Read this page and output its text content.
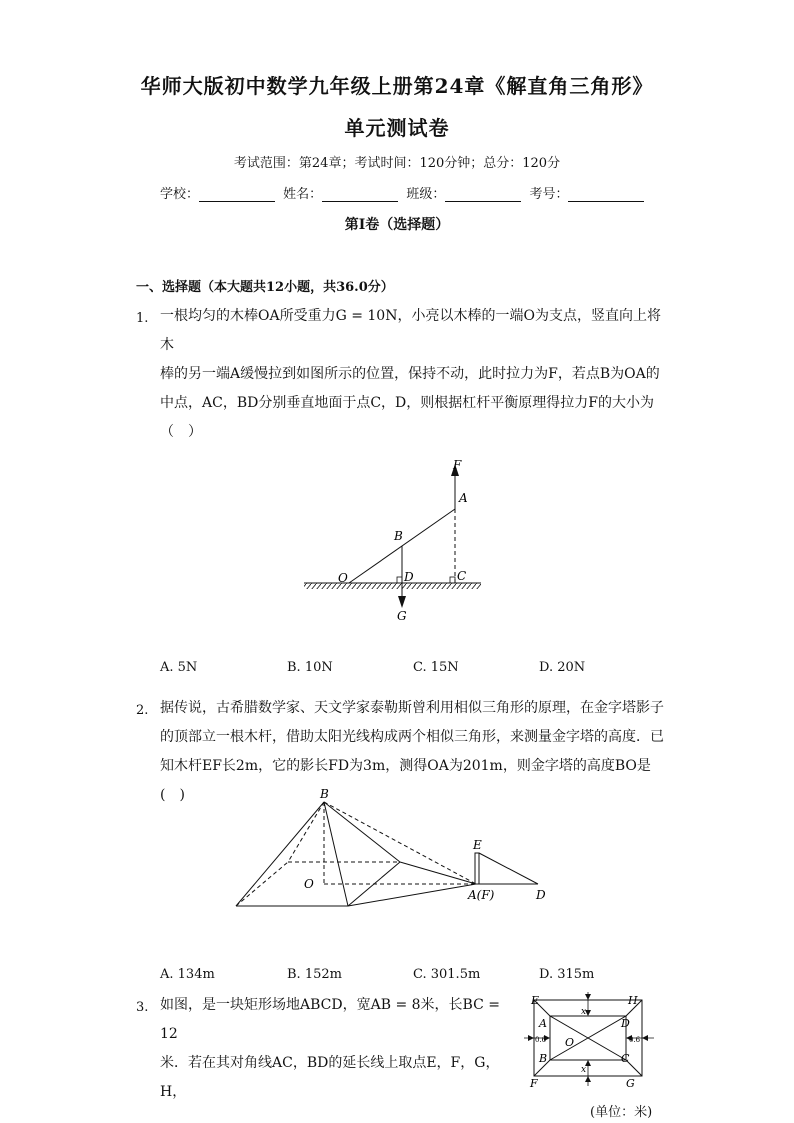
华师大版初中数学九年级上册第24章《解直角三角形》
单元测试卷
考试范围：第24章；考试时间：120分钟；总分：120分
学校：	姓名：	班级：	考号：
第I卷（选择题）
一、选择题（本大题共12小题，共36.0分）
1. 一根均匀的木棒OA所受重力G = 10N，小亮以木棒的一端O为支点，竖直向上将木
棒的另一端A缓慢拉到如图所示的位置，保持不动，此时拉力为F，若点B为OA的
中点，AC，BD分别垂直地面于点C，D，则根据杠杆平衡原理得拉力F的大小为
（　）
F
A
B
O	D	C
G
A. 5N	B. 10N	C. 15N	D. 20N
2. 据传说，古希腊数学家、天文学家泰勒斯曾利用相似三角形的原理，在金字塔影子
的顶部立一根木杆，借助太阳光线构成两个相似三角形，来测量金字塔的高度．已
知木杆EF长2m，它的影长FD为3m，测得OA为201m，则金字塔的高度BO是(　)	B
O
E
A(F)	D
A. 134m	B. 152m	C. 301.5m	D. 315m
3. 如图，是一块矩形场地ABCD，宽AB = 8米，长BC = 12
米．若在其对角线AC，BD的延长线上取点E，F，G，H，
E	H
A	D
O
B	C
F	G
x
x
0.6	0.6
(单位：米)
